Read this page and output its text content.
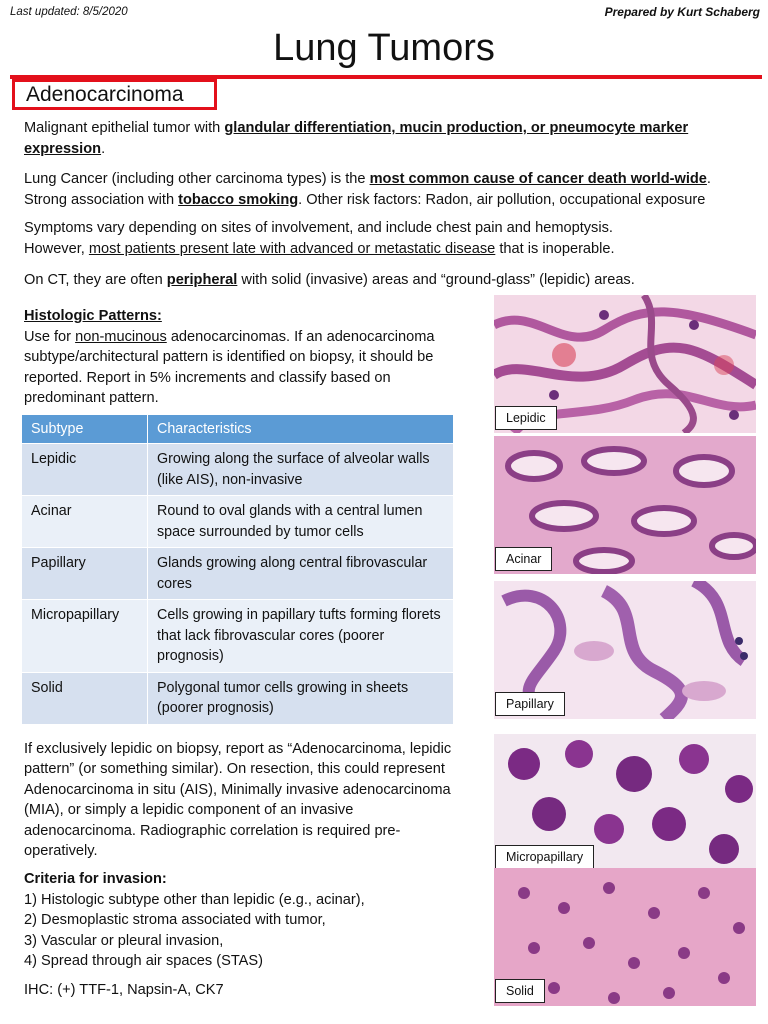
Last updated: 8/5/2020	Prepared by Kurt Schaberg
Lung Tumors
Adenocarcinoma
Malignant epithelial tumor with glandular differentiation, mucin production, or pneumocyte marker expression.
Lung Cancer (including other carcinoma types) is the most common cause of cancer death world-wide.
Strong association with tobacco smoking. Other risk factors: Radon, air pollution, occupational exposure
Symptoms vary depending on sites of involvement, and include chest pain and hemoptysis.
However, most patients present late with advanced or metastatic disease that is inoperable.
On CT, they are often peripheral with solid (invasive) areas and “ground-glass” (lepidic) areas.
Histologic Patterns:
Use for non-mucinous adenocarcinomas. If an adenocarcinoma subtype/architectural pattern is identified on biopsy, it should be reported. Report in 5% increments and classify based on predominant pattern.
Subtype	Characteristics
Lepidic	Growing along the surface of alveolar walls (like AIS), non-invasive
Acinar	Round to oval glands with a central lumen space surrounded by tumor cells
Papillary	Glands growing along central fibrovascular cores
Micropapillary	Cells growing in papillary tufts forming florets that lack fibrovascular cores (poorer prognosis)
Solid	Polygonal tumor cells growing in sheets (poorer prognosis)
If exclusively lepidic on biopsy, report as “Adenocarcinoma, lepidic pattern” (or something similar). On resection, this could represent Adenocarcinoma in situ (AIS), Minimally invasive adenocarcinoma (MIA), or simply a lepidic component of an invasive adenocarcinoma. Radiographic correlation is required pre-operatively.
Criteria for invasion:
1) Histologic subtype other than lepidic (e.g., acinar),
2) Desmoplastic stroma associated with tumor,
3) Vascular or pleural invasion,
4) Spread through air spaces (STAS)
IHC: (+) TTF-1, Napsin-A, CK7
Lepidic
Acinar
Papillary
Micropapillary
Solid
